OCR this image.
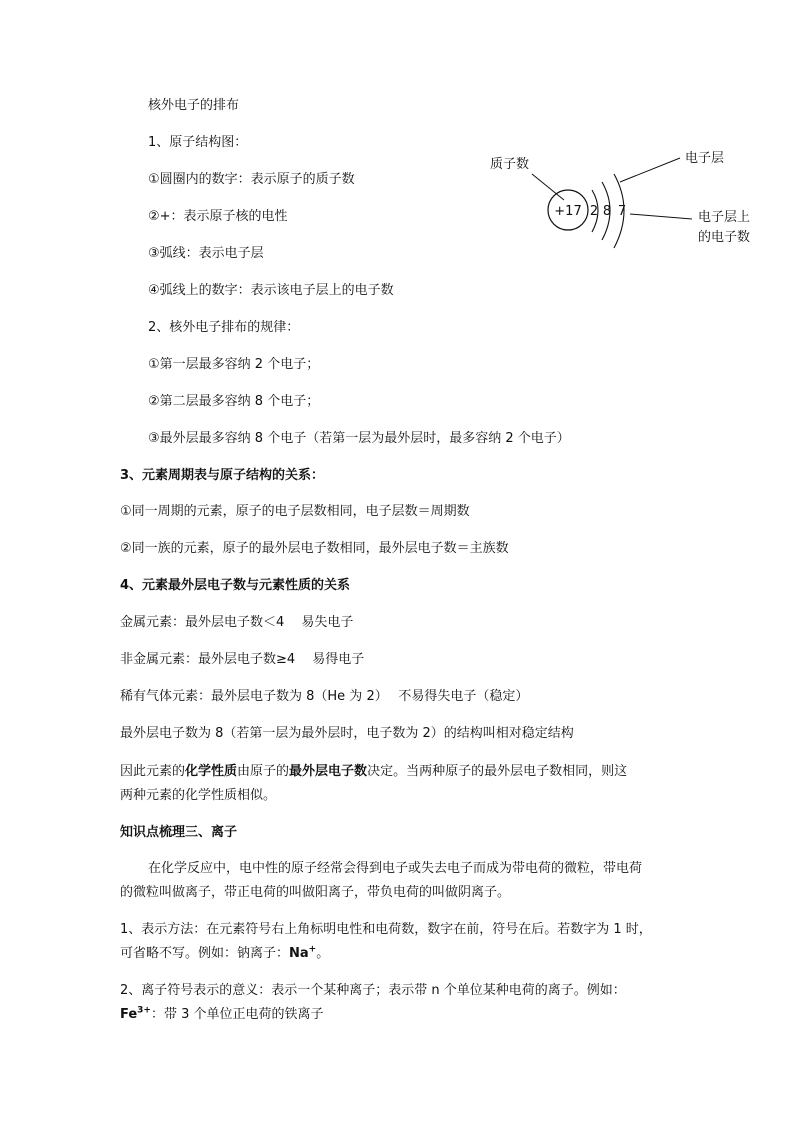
核外电子的排布
1、原子结构图：
①圆圈内的数字：表示原子的质子数
②+：表示原子核的电性
③弧线：表示电子层
④弧线上的数字：表示该电子层上的电子数
2、核外电子排布的规律：
①第一层最多容纳 2 个电子；
②第二层最多容纳 8 个电子；
③最外层最多容纳 8 个电子（若第一层为最外层时，最多容纳 2 个电子）
质子数
+17 2 8 7
电子层
电子层上
的电子数
3、元素周期表与原子结构的关系：
①同一周期的元素，原子的电子层数相同，电子层数＝周期数
②同一族的元素，原子的最外层电子数相同，最外层电子数＝主族数
4、元素最外层电子数与元素性质的关系
金属元素：最外层电子数＜4　 易失电子
非金属元素：最外层电子数≥4　 易得电子
稀有气体元素：最外层电子数为 8（He 为 2）　 不易得失电子（稳定）
最外层电子数为 8（若第一层为最外层时，电子数为 2）的结构叫相对稳定结构
因此元素的化学性质由原子的最外层电子数决定。当两种原子的最外层电子数相同，则这
两种元素的化学性质相似。
知识点梳理三、离子
在化学反应中，电中性的原子经常会得到电子或失去电子而成为带电荷的微粒，带电荷
的微粒叫做离子，带正电荷的叫做阳离子，带负电荷的叫做阴离子。
1、表示方法：在元素符号右上角标明电性和电荷数，数字在前，符号在后。若数字为 1 时，
可省略不写。例如：钠离子：Na+。
2、离子符号表示的意义：表示一个某种离子；表示带 n 个单位某种电荷的离子。例如：
$Fe^{3+}$：带 3 个单位正电荷的铁离子
